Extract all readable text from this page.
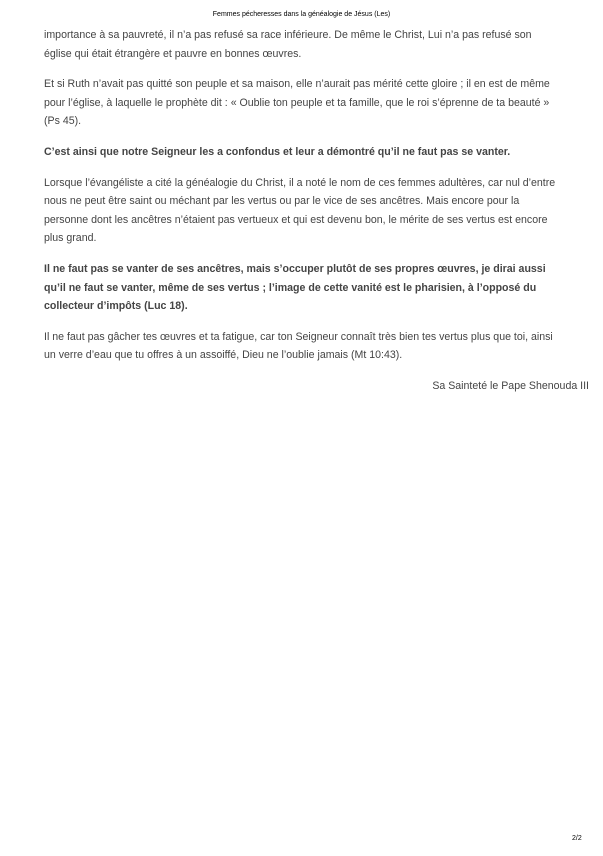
Femmes pécheresses dans la généalogie de Jésus (Les)

importance à sa pauvreté, il n’a pas refusé sa race inférieure. De même le Christ, Lui n’a pas refusé son
église qui était étrangère et pauvre en bonnes œuvres.

Et si Ruth n’avait pas quitté son peuple et sa maison, elle n’aurait pas mérité cette gloire ; il en est de même
pour l’église, à laquelle le prophète dit : « Oublie ton peuple et ta famille, que le roi s’éprenne de ta beauté »
(Ps 45).

C’est ainsi que notre Seigneur les a confondus et leur a démontré qu’il ne faut pas se vanter.

Lorsque l’évangéliste a cité la généalogie du Christ, il a noté le nom de ces femmes adultères, car nul d’entre
nous ne peut être saint ou méchant par les vertus ou par le vice de ses ancêtres. Mais encore pour la
personne dont les ancêtres n’étaient pas vertueux et qui est devenu bon, le mérite de ses vertus est encore
plus grand.

Il ne faut pas se vanter de ses ancêtres, mais s’occuper plutôt de ses propres œuvres, je dirai aussi
qu’il ne faut se vanter, même de ses vertus ; l’image de cette vanité est le pharisien, à l’opposé du
collecteur d’impôts (Luc 18).

Il ne faut pas gâcher tes œuvres et ta fatigue, car ton Seigneur connaît très bien tes vertus plus que toi, ainsi
un verre d’eau que tu offres à un assoiffé, Dieu ne l’oublie jamais (Mt 10:43).

Sa Sainteté le Pape Shenouda III

2/2
